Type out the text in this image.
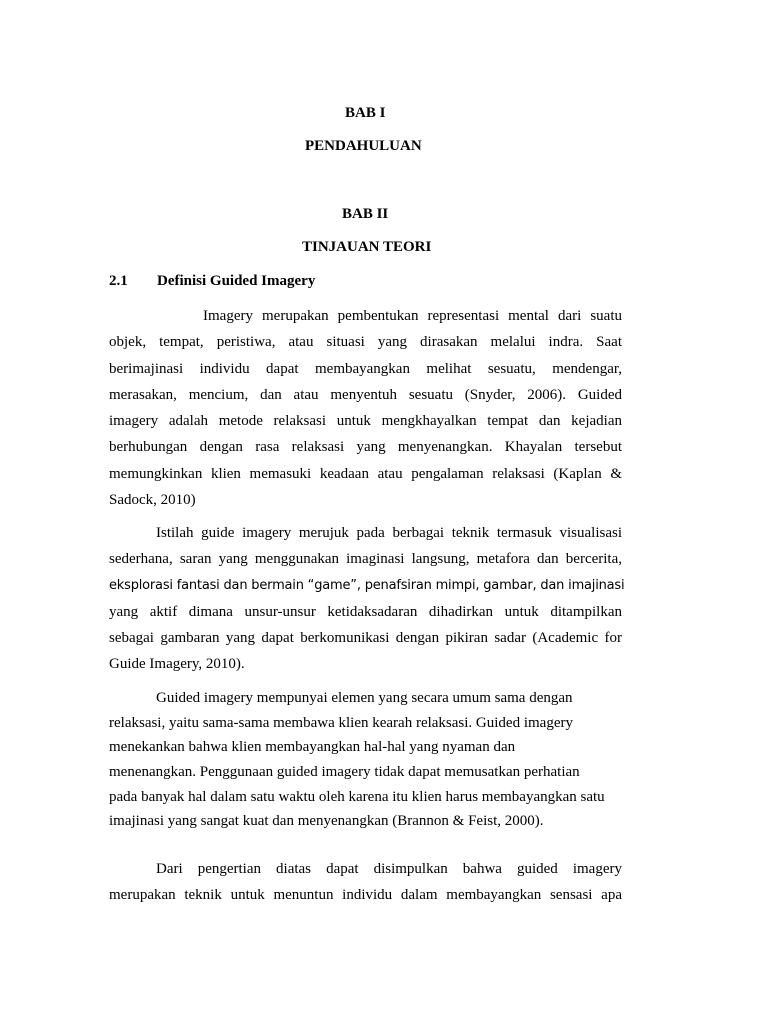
BAB I
PENDAHULUAN
BAB II
TINJAUAN TEORI
2.1 Definisi Guided Imagery
Imagery merupakan pembentukan representasi mental dari suatu
objek, tempat, peristiwa, atau situasi yang dirasakan melalui indra. Saat
berimajinasi individu dapat membayangkan melihat sesuatu, mendengar,
merasakan, mencium, dan atau menyentuh sesuatu (Snyder, 2006). Guided
imagery adalah metode relaksasi untuk mengkhayalkan tempat dan kejadian
berhubungan dengan rasa relaksasi yang menyenangkan. Khayalan tersebut
memungkinkan klien memasuki keadaan atau pengalaman relaksasi (Kaplan &
Sadock, 2010)
Istilah guide imagery merujuk pada berbagai teknik termasuk visualisasi
sederhana, saran yang menggunakan imaginasi langsung, metafora dan bercerita,
eksplorasi fantasi dan bermain “game”, penafsiran mimpi, gambar, dan imajinasi
yang aktif dimana unsur-unsur ketidaksadaran dihadirkan untuk ditampilkan
sebagai gambaran yang dapat berkomunikasi dengan pikiran sadar (Academic for
Guide Imagery, 2010).
Guided imagery mempunyai elemen yang secara umum sama dengan
relaksasi, yaitu sama-sama membawa klien kearah relaksasi. Guided imagery
menekankan bahwa klien membayangkan hal-hal yang nyaman dan
menenangkan. Penggunaan guided imagery tidak dapat memusatkan perhatian
pada banyak hal dalam satu waktu oleh karena itu klien harus membayangkan satu
imajinasi yang sangat kuat dan menyenangkan (Brannon & Feist, 2000).
Dari pengertian diatas dapat disimpulkan bahwa guided imagery
merupakan teknik untuk menuntun individu dalam membayangkan sensasi apa
